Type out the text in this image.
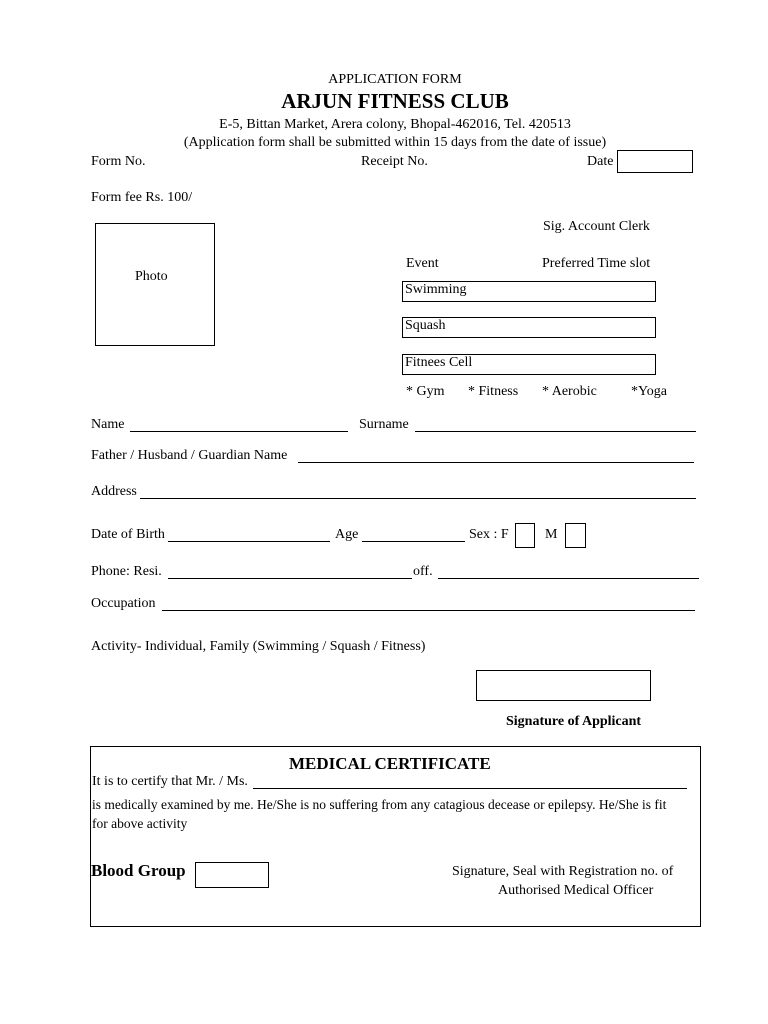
APPLICATION FORM
ARJUN FITNESS CLUB
E-5, Bittan Market, Arera colony, Bhopal-462016, Tel. 420513
(Application form shall be submitted within 15 days from the date of issue)
Form No.	Receipt No.	Date
Form fee Rs. 100/
Sig. Account Clerk
Photo
Event	Preferred Time slot
Swimming
Squash
Fitnees Cell
* Gym * Fitness * Aerobic *Yoga
Name	Surname
Father / Husband / Guardian Name
Address
Date of Birth	Age	Sex : F	M
Phone: Resi.	off.
Occupation
Activity- Individual, Family (Swimming / Squash / Fitness)
Signature of Applicant
MEDICAL CERTIFICATE
It is to certify that Mr. / Ms.
is medically examined by me. He/She is no suffering from any catagious decease or epilepsy. He/She is fit
for above activity
Blood Group	Signature, Seal with Registration no. of
Authorised Medical Officer
